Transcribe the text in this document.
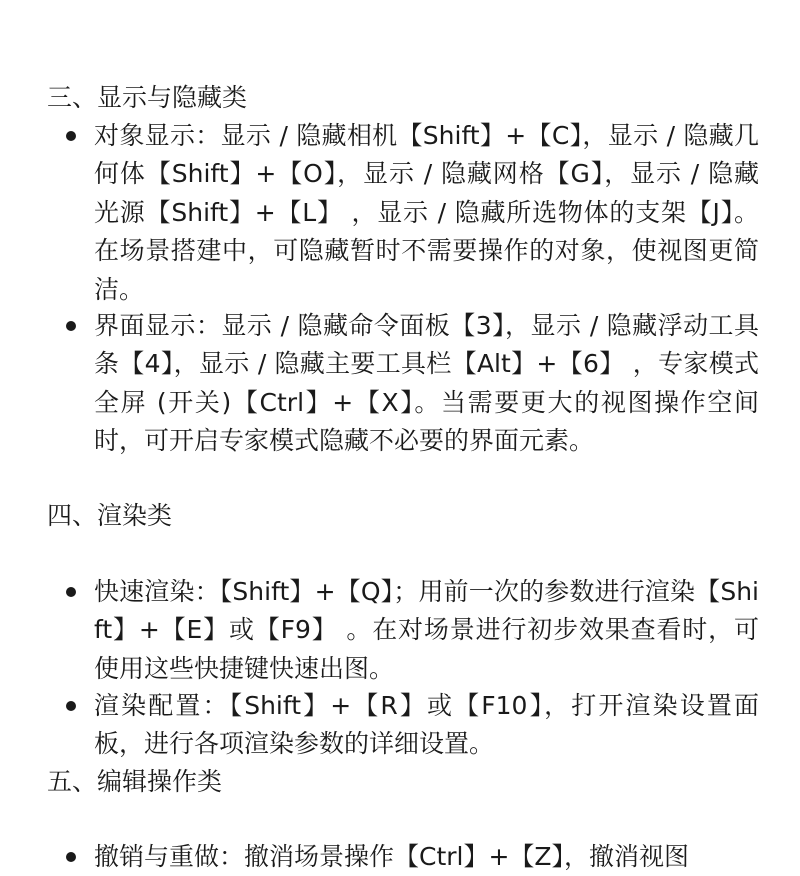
三、显示与隐藏类
对象显示：显示 / 隐藏相机【Shift】+【C】，显示 / 隐藏几何体【Shift】+【O】，显示 / 隐藏网格【G】，显示 / 隐藏光源【Shift】+【L】 ，显示 / 隐藏所选物体的支架【J】。在场景搭建中，可隐藏暂时不需要操作的对象，使视图更简洁。
界面显示：显示 / 隐藏命令面板【3】，显示 / 隐藏浮动工具条【4】，显示 / 隐藏主要工具栏【Alt】+【6】 ，专家模式全屏 (开关)【Ctrl】+【X】。当需要更大的视图操作空间时，可开启专家模式隐藏不必要的界面元素。
四、渲染类
快速渲染：【Shift】+【Q】；用前一次的参数进行渲染【Shift】+【E】或【F9】 。在对场景进行初步效果查看时，可使用这些快捷键快速出图。
渲染配置：【Shift】+【R】或【F10】，打开渲染设置面板，进行各项渲染参数的详细设置。
五、编辑操作类
撤销与重做：撤消场景操作【Ctrl】+【Z】，撤消视图
